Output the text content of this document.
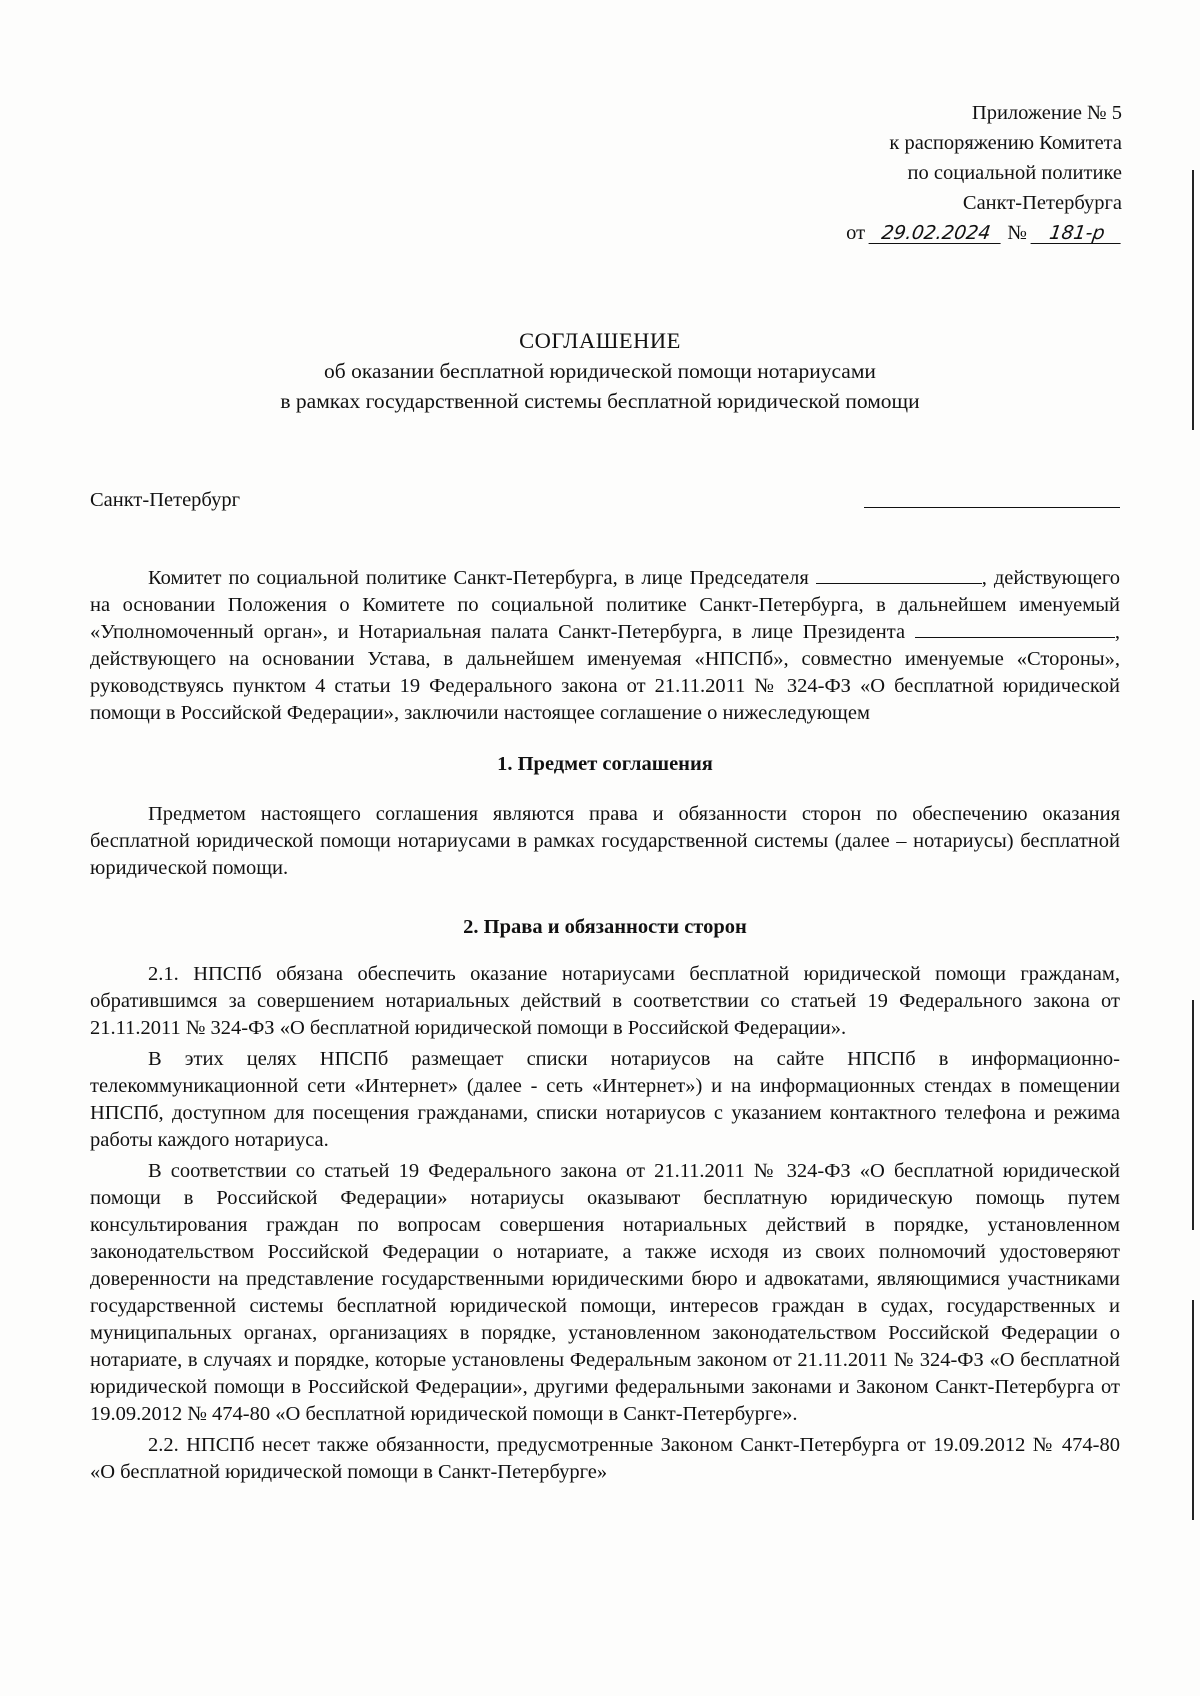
Приложение № 5
к распоряжению Комитета
по социальной политике
Санкт-Петербурга
от 29.02.2024 № 181-р
СОГЛАШЕНИЕ
об оказании бесплатной юридической помощи нотариусами
в рамках государственной системы бесплатной юридической помощи
Санкт-Петербург

Комитет по социальной политике Санкт-Петербурга, в лице Председателя	, действующего на основании Положения о Комитете по социальной политике Санкт-Петербурга, в дальнейшем именуемый «Уполномоченный орган», и Нотариальная палата Санкт-Петербурга, в лице Президента	, действующего на основании Устава, в дальнейшем именуемая «НПСПб», совместно именуемые «Стороны», руководствуясь пунктом 4 статьи 19 Федерального закона от 21.11.2011 № 324-ФЗ «О бесплатной юридической помощи в Российской Федерации», заключили настоящее соглашение о нижеследующем

1. Предмет соглашения

Предметом настоящего соглашения являются права и обязанности сторон по обеспечению оказания бесплатной юридической помощи нотариусами в рамках государственной системы (далее – нотариусы) бесплатной юридической помощи.

2. Права и обязанности сторон

2.1. НПСПб обязана обеспечить оказание нотариусами бесплатной юридической помощи гражданам, обратившимся за совершением нотариальных действий в соответствии со статьей 19 Федерального закона от 21.11.2011 № 324-ФЗ «О бесплатной юридической помощи в Российской Федерации».

В этих целях НПСПб размещает списки нотариусов на сайте НПСПб в информационно-телекоммуникационной сети «Интернет» (далее - сеть «Интернет») и на информационных стендах в помещении НПСПб, доступном для посещения гражданами, списки нотариусов с указанием контактного телефона и режима работы каждого нотариуса.

В соответствии со статьей 19 Федерального закона от 21.11.2011 № 324-ФЗ «О бесплатной юридической помощи в Российской Федерации» нотариусы оказывают бесплатную юридическую помощь путем консультирования граждан по вопросам совершения нотариальных действий в порядке, установленном законодательством Российской Федерации о нотариате, а также исходя из своих полномочий удостоверяют доверенности на представление государственными юридическими бюро и адвокатами, являющимися участниками государственной системы бесплатной юридической помощи, интересов граждан в судах, государственных и муниципальных органах, организациях в порядке, установленном законодательством Российской Федерации о нотариате, в случаях и порядке, которые установлены Федеральным законом от 21.11.2011 № 324-ФЗ «О бесплатной юридической помощи в Российской Федерации», другими федеральными законами и Законом Санкт-Петербурга от 19.09.2012 № 474-80 «О бесплатной юридической помощи в Санкт-Петербурге».

2.2. НПСПб несет также обязанности, предусмотренные Законом Санкт-Петербурга от 19.09.2012 № 474-80 «О бесплатной юридической помощи в Санкт-Петербурге»
